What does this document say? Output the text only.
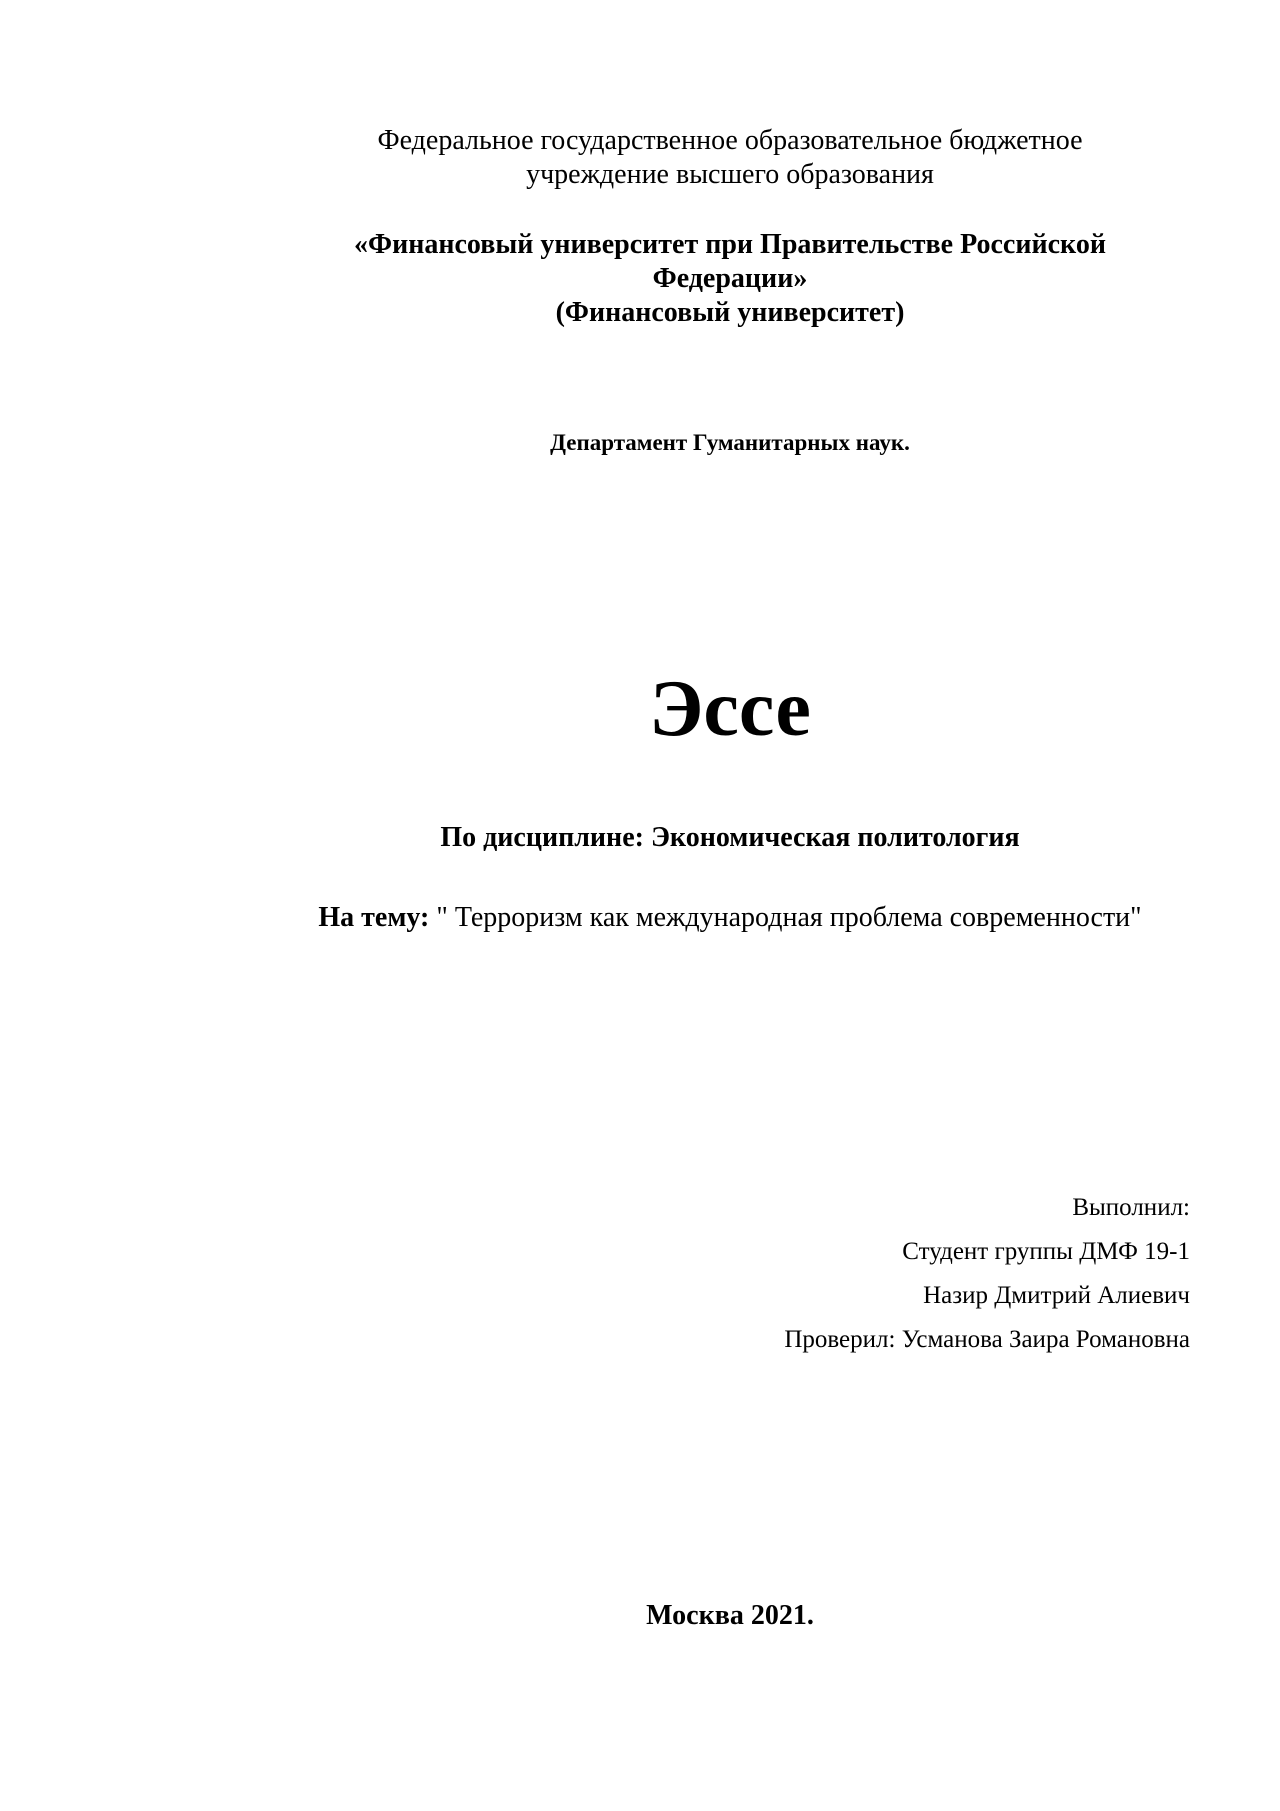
Федеральное государственное образовательное бюджетное
учреждение высшего образования
«Финансовый университет при Правительстве Российской
Федерации»
(Финансовый университет)
Департамент Гуманитарных наук.
Эссе
По дисциплине: Экономическая политология
На тему: " Терроризм как международная проблема современности"
Выполнил:
Студент группы ДМФ 19-1
Назир Дмитрий Алиевич
Проверил: Усманова Заира Романовна
Москва 2021.
